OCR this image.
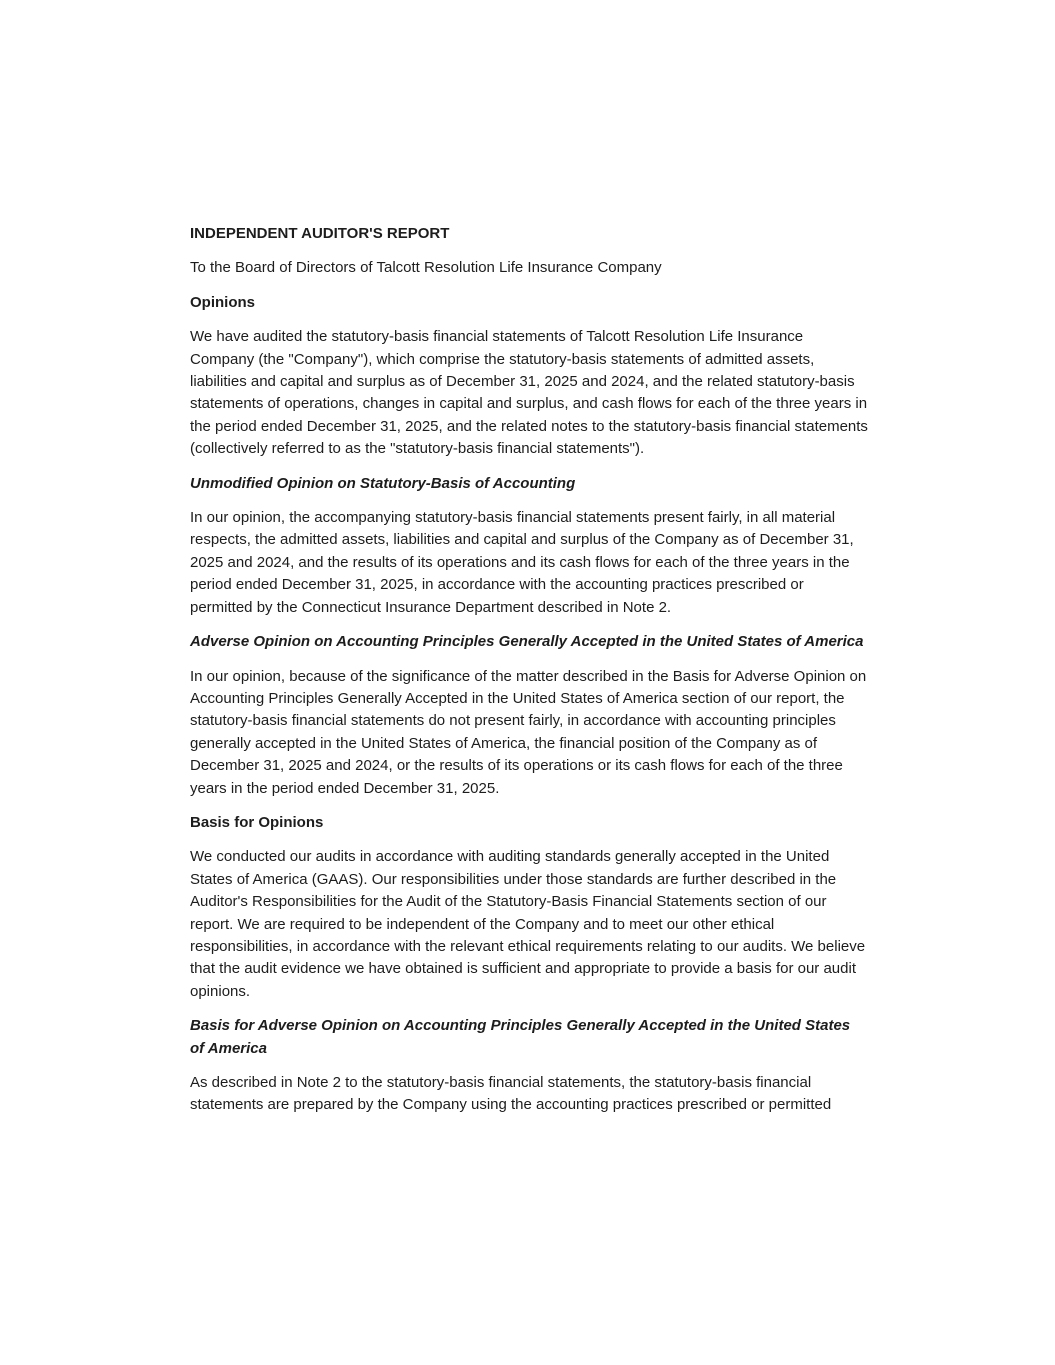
INDEPENDENT AUDITOR'S REPORT

To the Board of Directors of Talcott Resolution Life Insurance Company

Opinions

We have audited the statutory-basis financial statements of Talcott Resolution Life Insurance Company (the "Company"), which comprise the statutory-basis statements of admitted assets, liabilities and capital and surplus as of December 31, 2025 and 2024, and the related statutory-basis statements of operations, changes in capital and surplus, and cash flows for each of the three years in the period ended December 31, 2025, and the related notes to the statutory-basis financial statements (collectively referred to as the "statutory-basis financial statements").

Unmodified Opinion on Statutory-Basis of Accounting

In our opinion, the accompanying statutory-basis financial statements present fairly, in all material respects, the admitted assets, liabilities and capital and surplus of the Company as of December 31, 2025 and 2024, and the results of its operations and its cash flows for each of the three years in the period ended December 31, 2025, in accordance with the accounting practices prescribed or permitted by the Connecticut Insurance Department described in Note 2.

Adverse Opinion on Accounting Principles Generally Accepted in the United States of America

In our opinion, because of the significance of the matter described in the Basis for Adverse Opinion on Accounting Principles Generally Accepted in the United States of America section of our report, the statutory-basis financial statements do not present fairly, in accordance with accounting principles generally accepted in the United States of America, the financial position of the Company as of December 31, 2025 and 2024, or the results of its operations or its cash flows for each of the three years in the period ended December 31, 2025.

Basis for Opinions

We conducted our audits in accordance with auditing standards generally accepted in the United States of America (GAAS). Our responsibilities under those standards are further described in the Auditor's Responsibilities for the Audit of the Statutory-Basis Financial Statements section of our report. We are required to be independent of the Company and to meet our other ethical responsibilities, in accordance with the relevant ethical requirements relating to our audits. We believe that the audit evidence we have obtained is sufficient and appropriate to provide a basis for our audit opinions.

Basis for Adverse Opinion on Accounting Principles Generally Accepted in the United States of America

As described in Note 2 to the statutory-basis financial statements, the statutory-basis financial statements are prepared by the Company using the accounting practices prescribed or permitted
